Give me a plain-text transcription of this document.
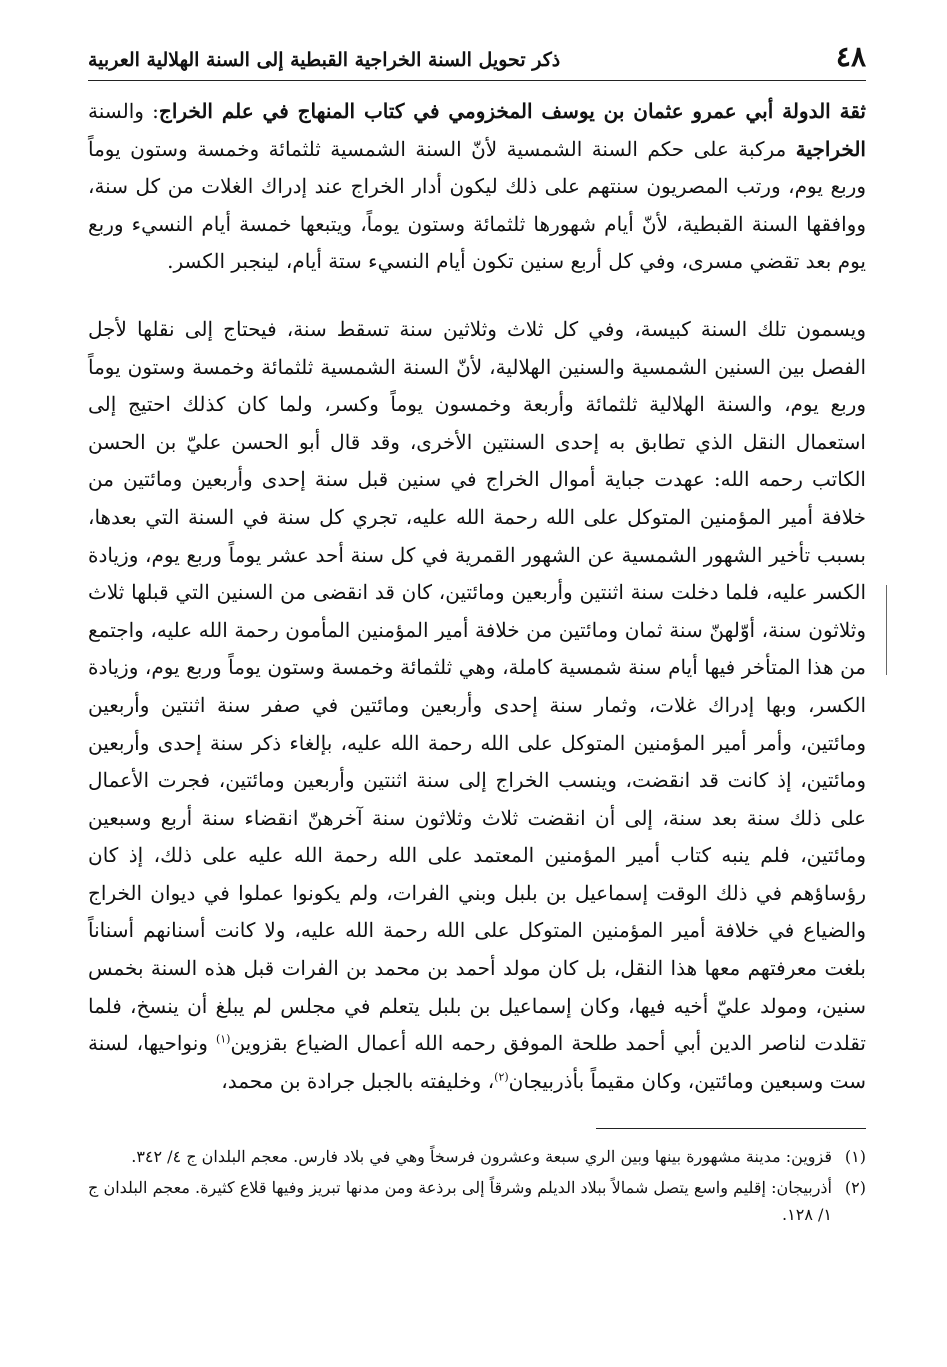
٤٨
ذكر تحويل السنة الخراجية القبطية إلى السنة الهلالية العربية

ثقة الدولة أبي عمرو عثمان بن يوسف المخزومي في كتاب المنهاج في علم الخراج: والسنة الخراجية مركبة على حكم السنة الشمسية لأنّ السنة الشمسية ثلثمائة وخمسة وستون يوماً وربع يوم، ورتب المصريون سنتهم على ذلك ليكون أدار الخراج عند إدراك الغلات من كل سنة، ووافقها السنة القبطية، لأنّ أيام شهورها ثلثمائة وستون يوماً، ويتبعها خمسة أيام النسيء وربع يوم بعد تقضي مسرى، وفي كل أربع سنين تكون أيام النسيء ستة أيام، لينجبر الكسر.

ويسمون تلك السنة كبيسة، وفي كل ثلاث وثلاثين سنة تسقط سنة، فيحتاج إلى نقلها لأجل الفصل بين السنين الشمسية والسنين الهلالية، لأنّ السنة الشمسية ثلثمائة وخمسة وستون يوماً وربع يوم، والسنة الهلالية ثلثمائة وأربعة وخمسون يوماً وكسر، ولما كان كذلك احتيج إلى استعمال النقل الذي تطابق به إحدى السنتين الأخرى، وقد قال أبو الحسن عليّ بن الحسن الكاتب رحمه الله: عهدت جباية أموال الخراج في سنين قبل سنة إحدى وأربعين ومائتين من خلافة أمير المؤمنين المتوكل على الله رحمة الله عليه، تجري كل سنة في السنة التي بعدها، بسبب تأخير الشهور الشمسية عن الشهور القمرية في كل سنة أحد عشر يوماً وربع يوم، وزيادة الكسر عليه، فلما دخلت سنة اثنتين وأربعين ومائتين، كان قد انقضى من السنين التي قبلها ثلاث وثلاثون سنة، أوّلهنّ سنة ثمان ومائتين من خلافة أمير المؤمنين المأمون رحمة الله عليه، واجتمع من هذا المتأخر فيها أيام سنة شمسية كاملة، وهي ثلثمائة وخمسة وستون يوماً وربع يوم، وزيادة الكسر، وبها إدراك غلات، وثمار سنة إحدى وأربعين ومائتين في صفر سنة اثنتين وأربعين ومائتين، وأمر أمير المؤمنين المتوكل على الله رحمة الله عليه، بإلغاء ذكر سنة إحدى وأربعين ومائتين، إذ كانت قد انقضت، وينسب الخراج إلى سنة اثنتين وأربعين ومائتين، فجرت الأعمال على ذلك سنة بعد سنة، إلى أن انقضت ثلاث وثلاثون سنة آخرهنّ انقضاء سنة أربع وسبعين ومائتين، فلم ينبه كتاب أمير المؤمنين المعتمد على الله رحمة الله عليه على ذلك، إذ كان رؤساؤهم في ذلك الوقت إسماعيل بن بلبل وبني الفرات، ولم يكونوا عملوا في ديوان الخراج والضياع في خلافة أمير المؤمنين المتوكل على الله رحمة الله عليه، ولا كانت أسنانهم أسناناً بلغت معرفتهم معها هذا النقل، بل كان مولد أحمد بن محمد بن الفرات قبل هذه السنة بخمس سنين، ومولد عليّ أخيه فيها، وكان إسماعيل بن بلبل يتعلم في مجلس لم يبلغ أن ينسخ، فلما تقلدت لناصر الدين أبي أحمد طلحة الموفق رحمه الله أعمال الضياع بقزوين$^{(١)}$ ونواحيها، لسنة ست وسبعين ومائتين، وكان مقيماً بأذربيجان$^{(٢)}$، وخليفته بالجبل جرادة بن محمد،

(١)
قزوين: مدينة مشهورة بينها وبين الري سبعة وعشرون فرسخاً وهي في بلاد فارس. معجم البلدان ج ٤/ ٣٤٢.
(٢)
أذربيجان: إقليم واسع يتصل شمالاً ببلاد الديلم وشرقاً إلى برذعة ومن مدنها تبريز وفيها قلاع كثيرة. معجم البلدان ج ١/ ١٢٨.
